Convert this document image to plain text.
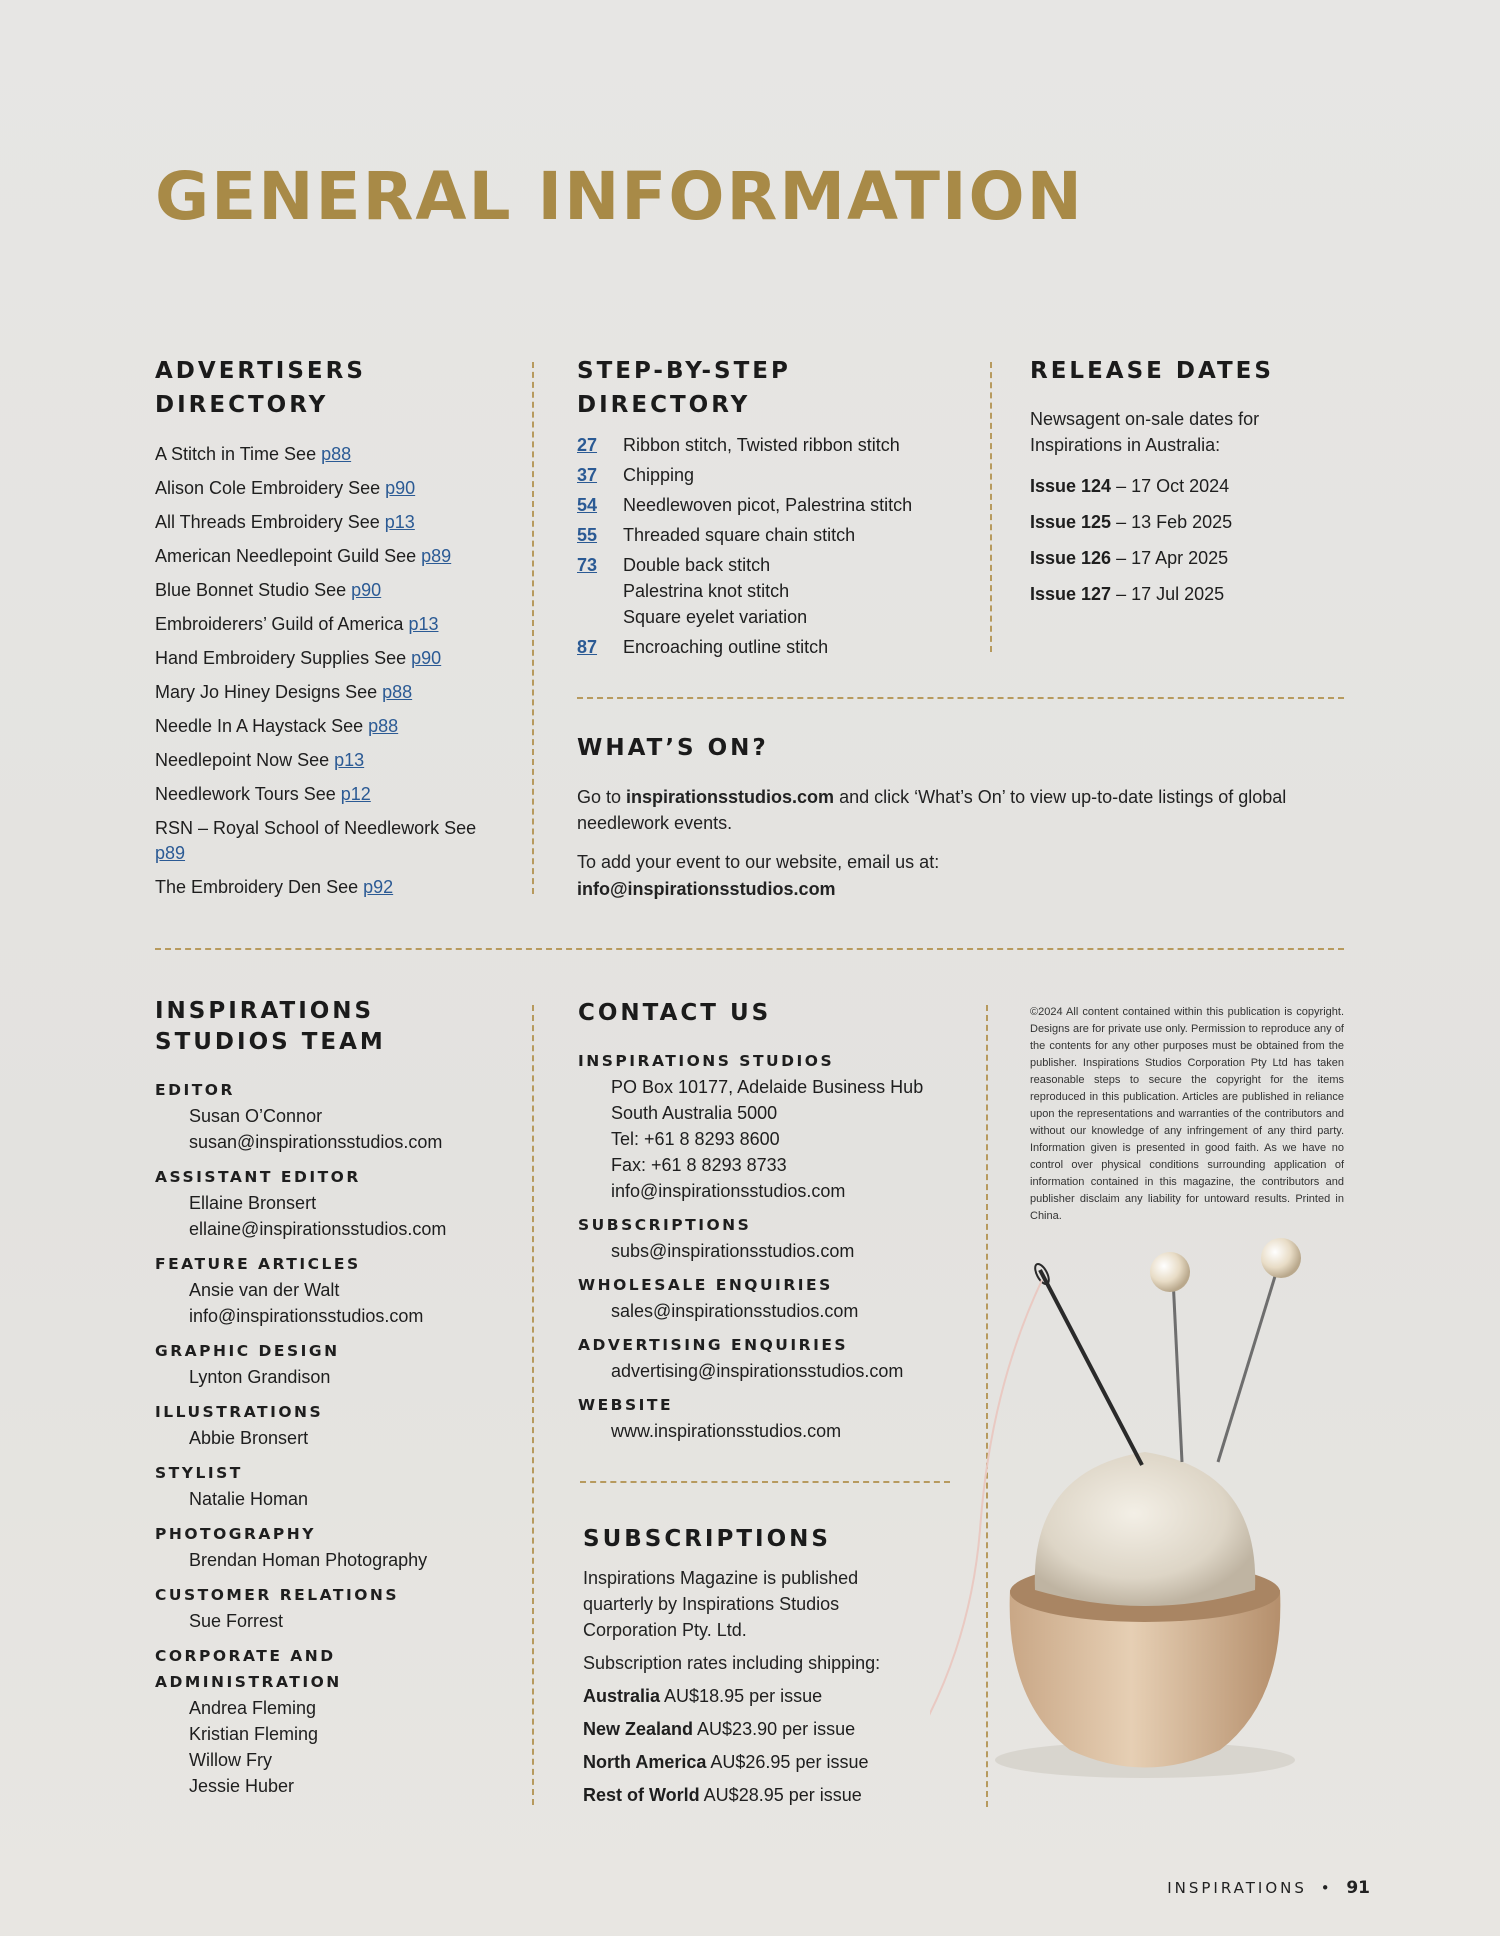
GENERAL INFORMATION
ADVERTISERS DIRECTORY
A Stitch in Time See p88
Alison Cole Embroidery See p90
All Threads Embroidery See p13
American Needlepoint Guild See p89
Blue Bonnet Studio See p90
Embroiderers’ Guild of America p13
Hand Embroidery Supplies See p90
Mary Jo Hiney Designs See p88
Needle In A Haystack See p88
Needlepoint Now See p13
Needlework Tours See p12
RSN – Royal School of Needlework See p89
The Embroidery Den See p92
STEP-BY-STEP DIRECTORY
27	Ribbon stitch, Twisted ribbon stitch
37	Chipping
54	Needlewoven picot, Palestrina stitch
55	Threaded square chain stitch
73	Double back stitch
Palestrina knot stitch
Square eyelet variation
87	Encroaching outline stitch
RELEASE DATES
Newsagent on-sale dates for Inspirations in Australia:
Issue 124 – 17 Oct 2024
Issue 125 – 13 Feb 2025
Issue 126 – 17 Apr 2025
Issue 127 – 17 Jul 2025
WHAT’S ON?
Go to inspirationsstudios.com and click ‘What’s On’ to view up-to-date listings of global needlework events.
To add your event to our website, email us at:
info@inspirationsstudios.com
INSPIRATIONS STUDIOS TEAM
EDITOR
Susan O’Connor
susan@inspirationsstudios.com
ASSISTANT EDITOR
Ellaine Bronsert
ellaine@inspirationsstudios.com
FEATURE ARTICLES
Ansie van der Walt
info@inspirationsstudios.com
GRAPHIC DESIGN
Lynton Grandison
ILLUSTRATIONS
Abbie Bronsert
STYLIST
Natalie Homan
PHOTOGRAPHY
Brendan Homan Photography
CUSTOMER RELATIONS
Sue Forrest
CORPORATE AND ADMINISTRATION
Andrea Fleming
Kristian Fleming
Willow Fry
Jessie Huber
CONTACT US
INSPIRATIONS STUDIOS
PO Box 10177, Adelaide Business Hub
South Australia 5000
Tel: +61 8 8293 8600
Fax: +61 8 8293 8733
info@inspirationsstudios.com
SUBSCRIPTIONS
subs@inspirationsstudios.com
WHOLESALE ENQUIRIES
sales@inspirationsstudios.com
ADVERTISING ENQUIRIES
advertising@inspirationsstudios.com
WEBSITE
www.inspirationsstudios.com
©2024 All content contained within this publication is copyright. Designs are for private use only. Permission to reproduce any of the contents for any other purposes must be obtained from the publisher. Inspirations Studios Corporation Pty Ltd has taken reasonable steps to secure the copyright for the items reproduced in this publication. Articles are published in reliance upon the representations and warranties of the contributors and without our knowledge of any infringement of any third party. Information given is presented in good faith. As we have no control over physical conditions surrounding application of information contained in this magazine, the contributors and publisher disclaim any liability for untoward results. Printed in China.
SUBSCRIPTIONS
Inspirations Magazine is published quarterly by Inspirations Studios Corporation Pty. Ltd.
Subscription rates including shipping:
Australia AU$18.95 per issue
New Zealand AU$23.90 per issue
North America AU$26.95 per issue
Rest of World AU$28.95 per issue
INSPIRATIONS • 91
